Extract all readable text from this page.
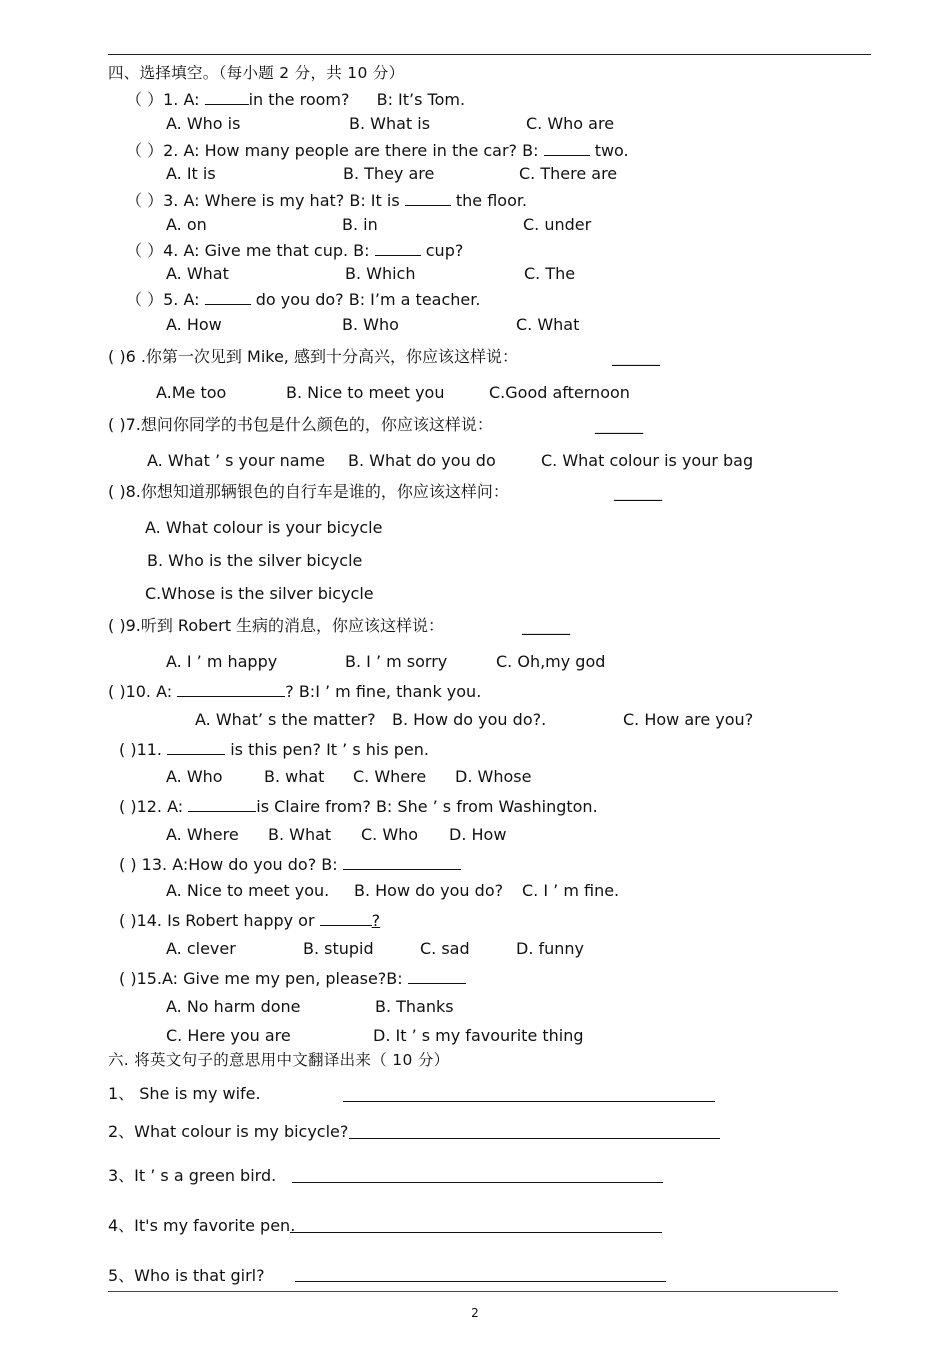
四、选择填空。（每小题 2 分，共 10 分）
（ ）1. A:	in the room? B: It’s Tom.
A. Who is	B. What is	C. Who are
（ ）2. A: How many people are there in the car? B:	two.
A. It is	B. They are	C. There are
（ ）3. A: Where is my hat? B: It is	the floor.
A. on	B. in	C. under
（ ）4. A: Give me that cup. B:	cup?
A. What	B. Which	C. The
（ ）5. A:	do you do? B: I’m a teacher.
A. How	B. Who	C. What
( )6 .你第一次见到 Mike, 感到十分高兴，你应该这样说：	______
A.Me too	B. Nice to meet you	C.Good afternoon
( )7.想问你同学的书包是什么颜色的，你应该这样说：	______
A. What ’ s your name B. What do you do	C. What colour is your bag
( )8.你想知道那辆银色的自行车是谁的，你应该这样问：	______
A. What colour is your bicycle
B. Who is the silver bicycle
C.Whose is the silver bicycle
( )9.听到 Robert 生病的消息，你应该这样说：	______
A. I ’ m happy	B. I ’ m sorry	C. Oh,my god
( )10. A:	? B:I ’ m fine, thank you.
A. What’ s the matter? B. How do you do?.	C. How are you?
( )11.	is this pen? It ’ s his pen.
A. Who	B. what C. Where D. Whose
( )12. A:	is Claire from? B: She ’ s from Washington.
A. Where B. What C. Who D. How
( ) 13. A:How do you do? B:
A. Nice to meet you. B. How do you do? C. I ’ m fine.
( )14. Is Robert happy or	?
A. clever	B. stupid	C. sad	D. funny
( )15.A: Give me my pen, please?B:
A. No harm done	B. Thanks
C. Here you are	D. It ’ s my favourite thing
六. 将英文句子的意思用中文翻译出来（ 10 分）
1、 She is my wife.
2、What colour is my bicycle?
3、It ’ s a green bird.
4、It's my favorite pen.
5、Who is that girl?
2
